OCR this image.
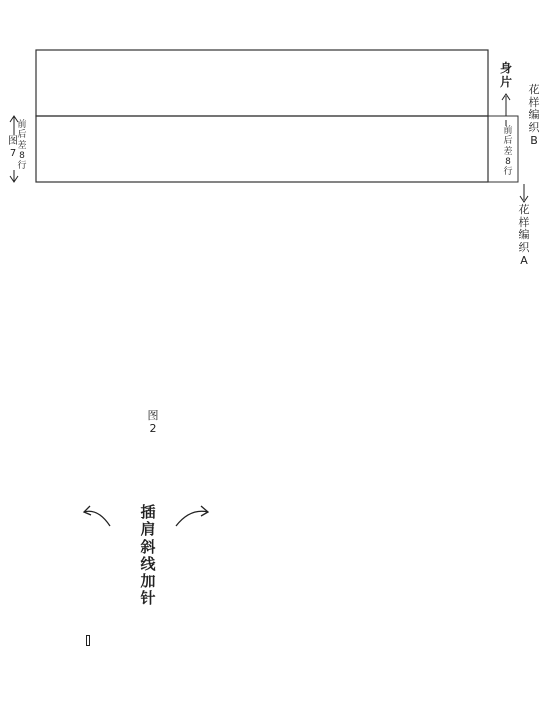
身
片
前
后
差
8
行
花
样
编
织
B
花
样
编
织
A
图
7
前
后
差
8
行
图
2
插
肩
斜
线
加
针
